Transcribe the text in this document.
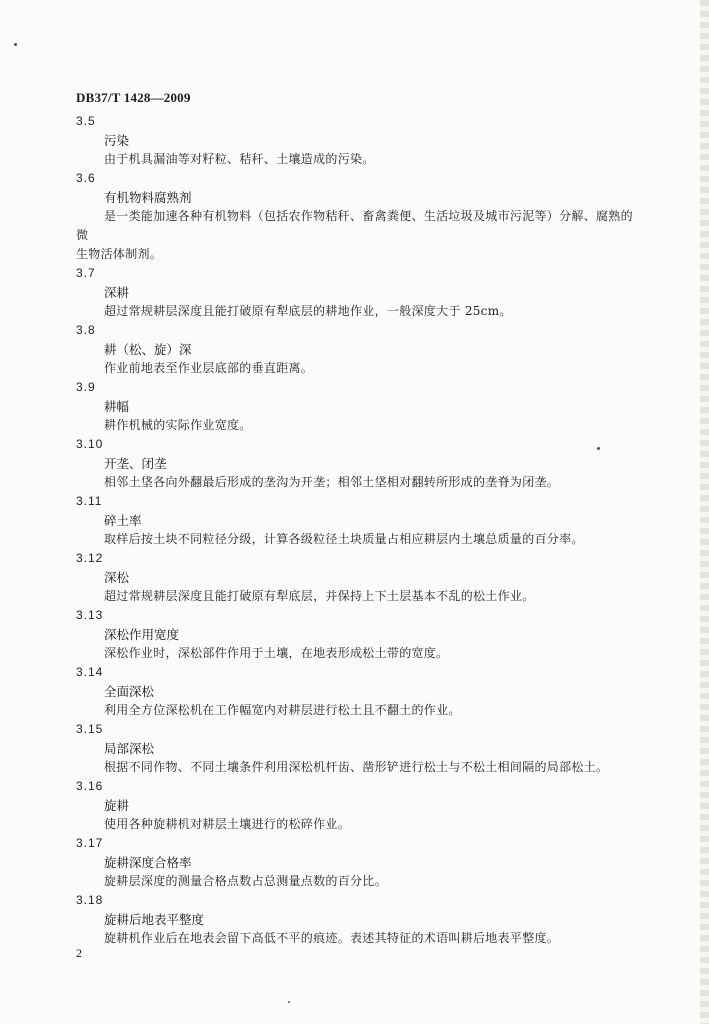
DB37/T 1428—2009
3.5
污染
由于机具漏油等对籽粒、秸秆、土壤造成的污染。
3.6
有机物料腐熟剂
是一类能加速各种有机物料（包括农作物秸秆、畜禽粪便、生活垃圾及城市污泥等）分解、腐熟的微
生物活体制剂。
3.7
深耕
超过常规耕层深度且能打破原有犁底层的耕地作业，一般深度大于 25cm。
3.8
耕（松、旋）深
作业前地表至作业层底部的垂直距离。
3.9
耕幅
耕作机械的实际作业宽度。
3.10
开垄、闭垄
相邻土垡各向外翻最后形成的垄沟为开垄；相邻土垡相对翻转所形成的垄脊为闭垄。
3.11
碎土率
取样后按土块不同粒径分级，计算各级粒径土块质量占相应耕层内土壤总质量的百分率。
3.12
深松
超过常规耕层深度且能打破原有犁底层，并保持上下土层基本不乱的松土作业。
3.13
深松作用宽度
深松作业时，深松部件作用于土壤，在地表形成松土带的宽度。
3.14
全面深松
利用全方位深松机在工作幅宽内对耕层进行松土且不翻土的作业。
3.15
局部深松
根据不同作物、不同土壤条件利用深松机杆齿、凿形铲进行松土与不松土相间隔的局部松土。
3.16
旋耕
使用各种旋耕机对耕层土壤进行的松碎作业。
3.17
旋耕深度合格率
旋耕层深度的测量合格点数占总测量点数的百分比。
3.18
旋耕后地表平整度
旋耕机作业后在地表会留下高低不平的痕迹。表述其特征的术语叫耕后地表平整度。
2
